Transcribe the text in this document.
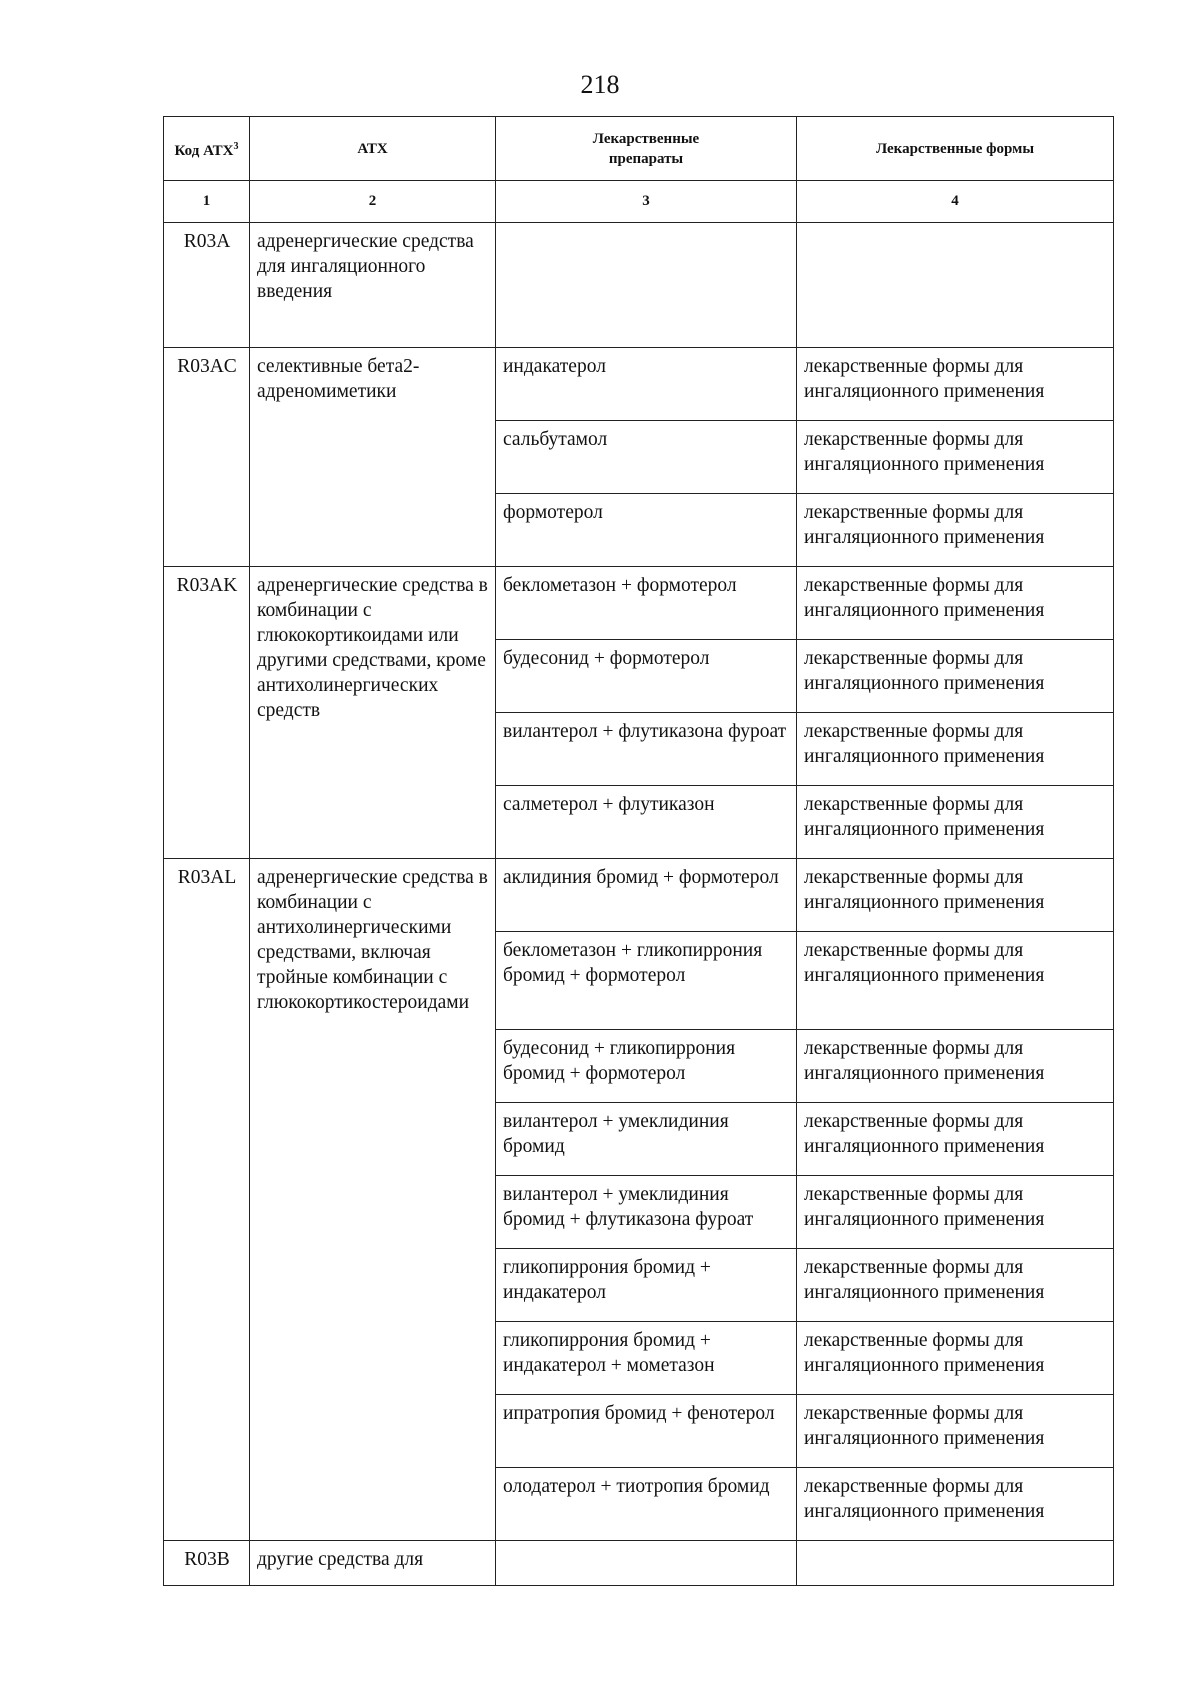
218
Код АТХ$^3$	АТХ	Лекарственные препараты	Лекарственные формы
1	2	3	4
R03A	адренергические средства для ингаляционного введения		
R03AC	селективные бета2-адреномиметики	индакатерол	лекарственные формы для ингаляционного применения
		сальбутамол	лекарственные формы для ингаляционного применения
		формотерол	лекарственные формы для ингаляционного применения
R03AK	адренергические средства в комбинации с глюкокортикоидами или другими средствами, кроме антихолинергических средств	беклометазон + формотерол	лекарственные формы для ингаляционного применения
		будесонид + формотерол	лекарственные формы для ингаляционного применения
		вилантерол + флутиказона фуроат	лекарственные формы для ингаляционного применения
		салметерол + флутиказон	лекарственные формы для ингаляционного применения
R03AL	адренергические средства в комбинации с антихолинергическими средствами, включая тройные комбинации с глюкокортикостероидами	аклидиния бромид + формотерол	лекарственные формы для ингаляционного применения
		беклометазон + гликопиррония бромид + формотерол	лекарственные формы для ингаляционного применения
		будесонид + гликопиррония бромид + формотерол	лекарственные формы для ингаляционного применения
		вилантерол + умеклидиния бромид	лекарственные формы для ингаляционного применения
		вилантерол + умеклидиния бромид + флутиказона фуроат	лекарственные формы для ингаляционного применения
		гликопиррония бромид + индакатерол	лекарственные формы для ингаляционного применения
		гликопиррония бромид + индакатерол + мометазон	лекарственные формы для ингаляционного применения
		ипратропия бромид + фенотерол	лекарственные формы для ингаляционного применения
		олодатерол + тиотропия бромид	лекарственные формы для ингаляционного применения
R03B	другие средства для		
